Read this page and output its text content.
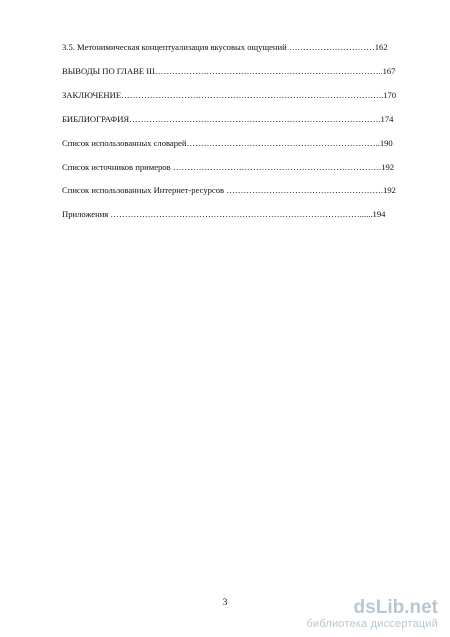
3.5. Метонимическая концептуализация вкусовых ощущений …………………………162
ВЫВОДЫ ПО ГЛАВЕ III……………………………………………………………………..167
ЗАКЛЮЧЕНИЕ………………………………………………………………………………..170
БИБЛИОГРАФИЯ…………………………………………………………………………….174
Список использованных словарей…………………………………………………………..190
Список источников примеров ……………………………………………………………….192
Список использованных Интернет-ресурсов ……………………………………………….192
Приложения ……………………………………………………………………………......194
3	dsLib.net
библиотека диссертаций
